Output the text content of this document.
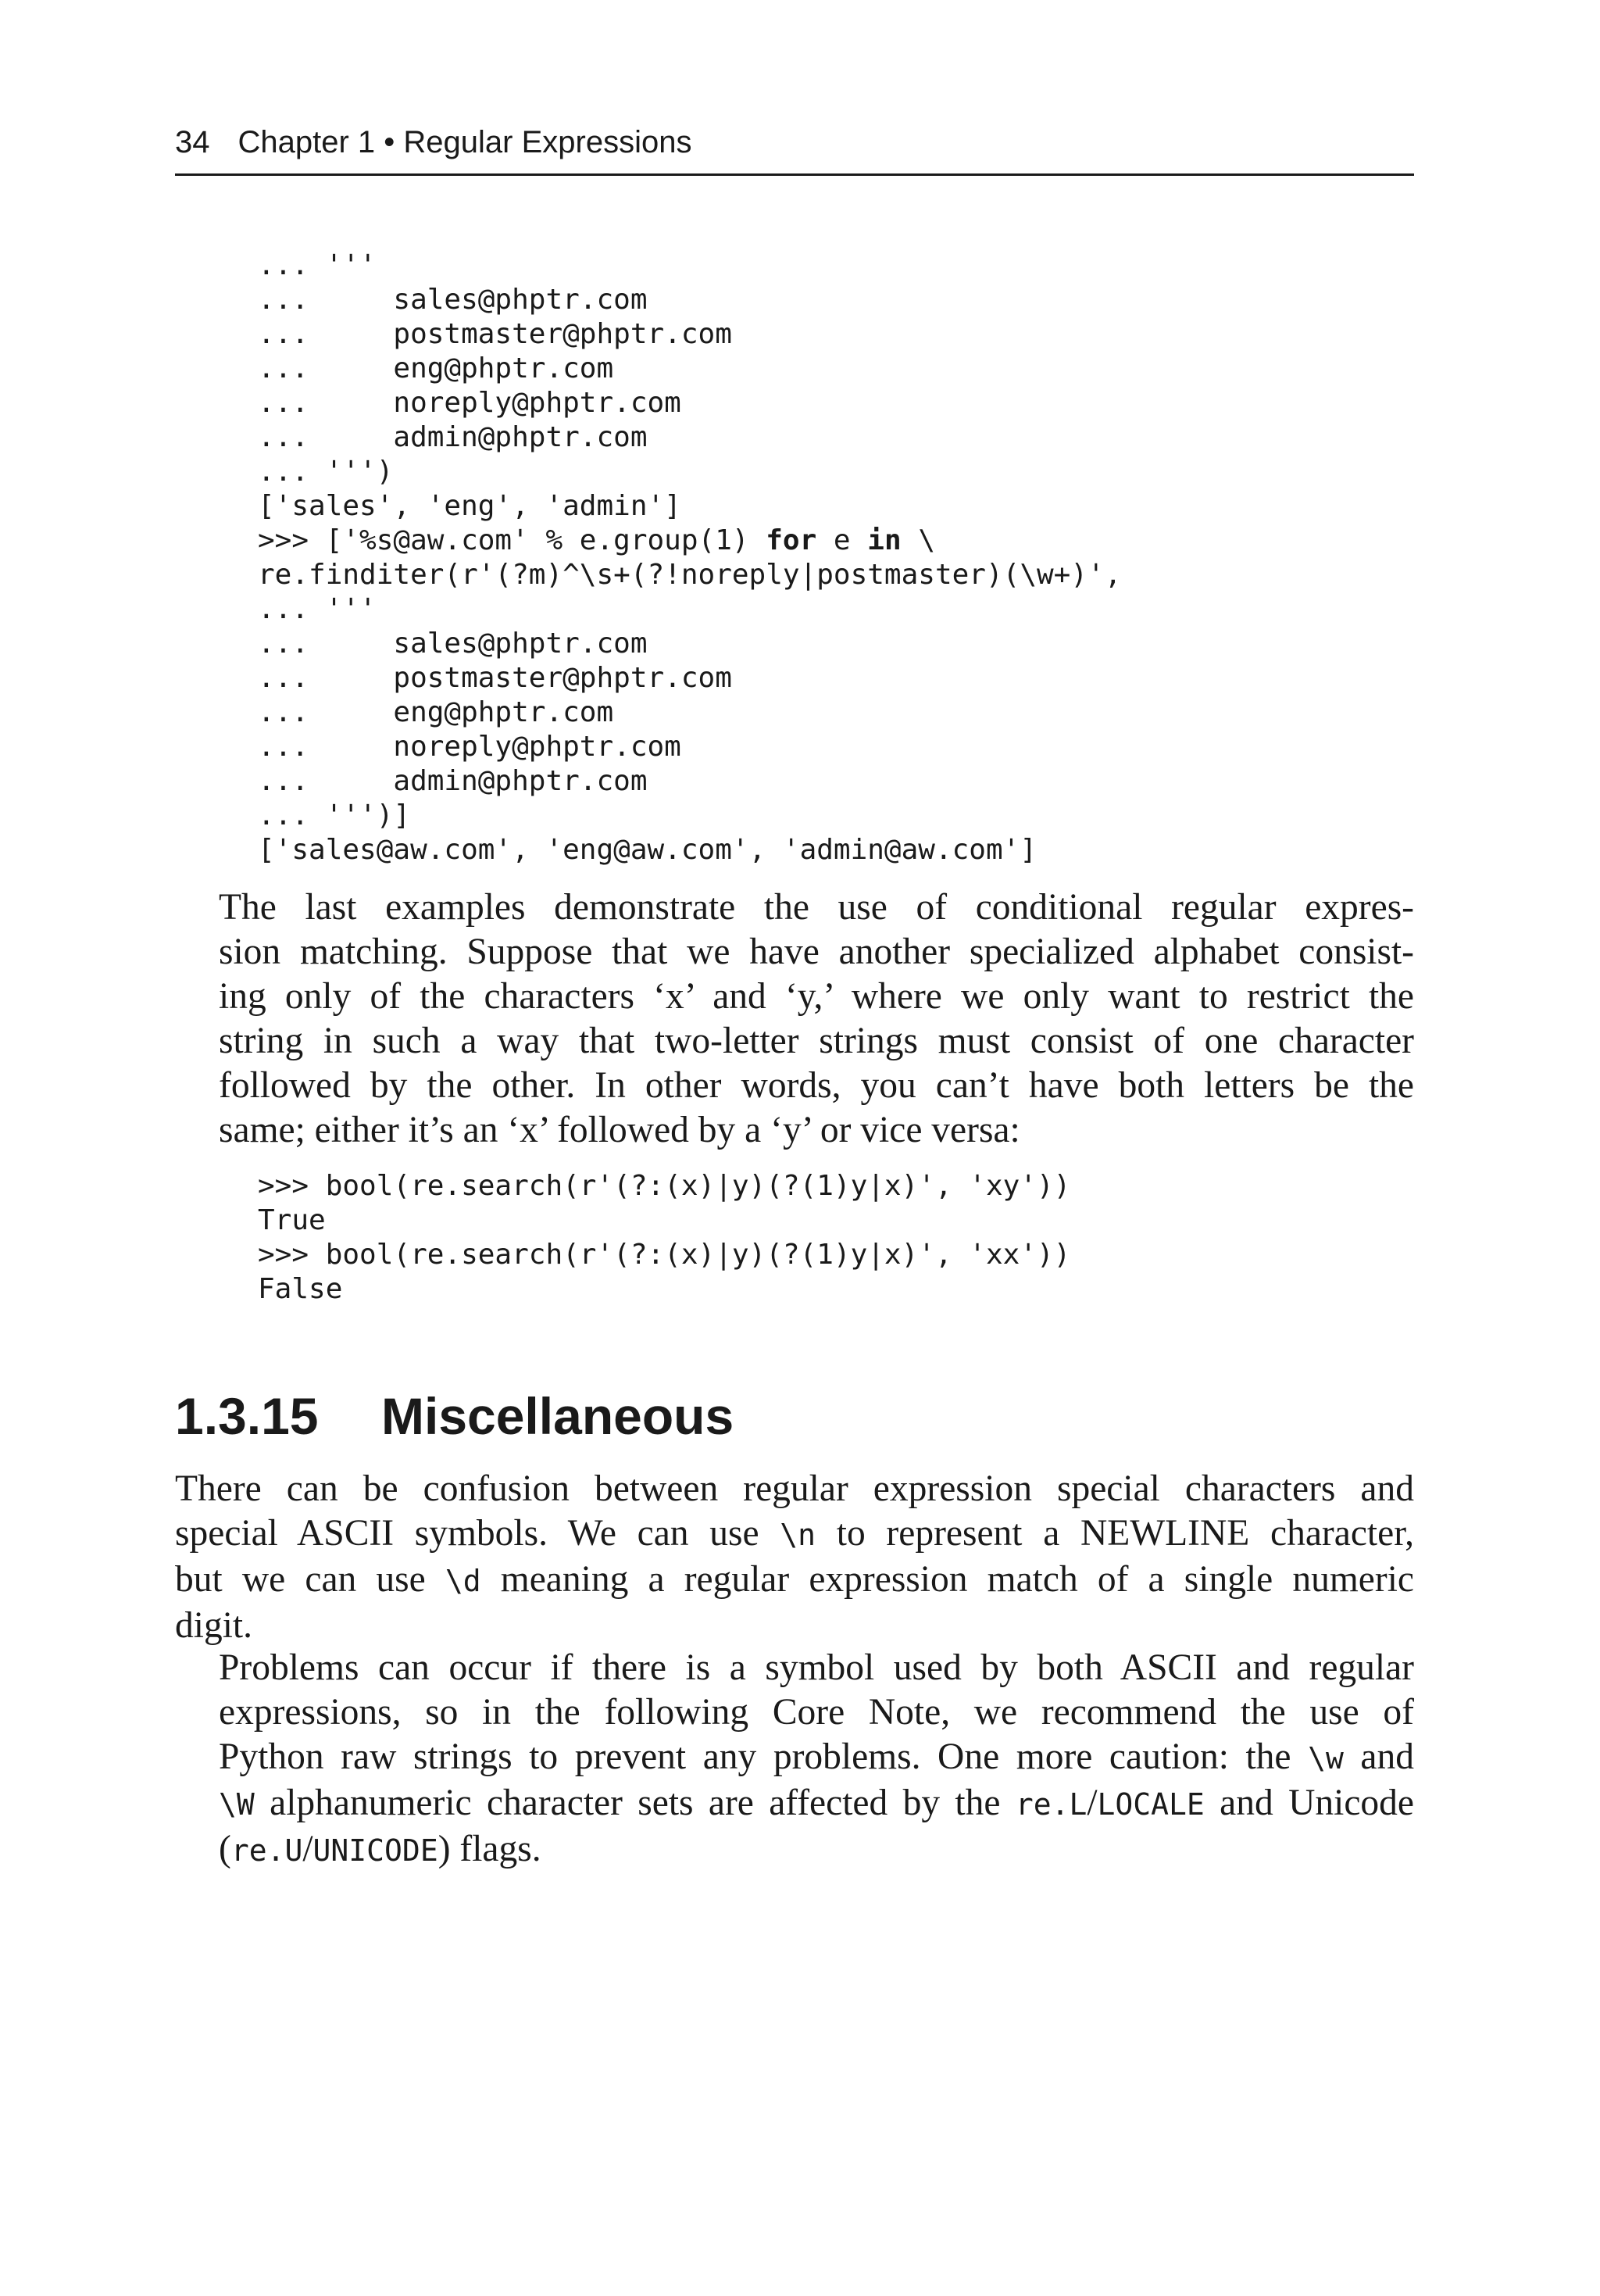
34 Chapter 1 • Regular Expressions
... '''
...     sales@phptr.com
...     postmaster@phptr.com
...     eng@phptr.com
...     noreply@phptr.com
...     admin@phptr.com
... ''')
['sales', 'eng', 'admin']
>>> ['%s@aw.com' % e.group(1) for e in \
re.finditer(r'(?m)^\s+(?!noreply|postmaster)(\w+)',
... '''
...     sales@phptr.com
...     postmaster@phptr.com
...     eng@phptr.com
...     noreply@phptr.com
...     admin@phptr.com
... ''')]
['sales@aw.com', 'eng@aw.com', 'admin@aw.com']
The last examples demonstrate the use of conditional regular expres-
sion matching. Suppose that we have another specialized alphabet consist-
ing only of the characters ‘x’ and ‘y,’ where we only want to restrict the
string in such a way that two-letter strings must consist of one character
followed by the other. In other words, you can’t have both letters be the
same; either it’s an ‘x’ followed by a ‘y’ or vice versa:
>>> bool(re.search(r'(?:(x)|y)(?(1)y|x)', 'xy'))
True
>>> bool(re.search(r'(?:(x)|y)(?(1)y|x)', 'xx'))
False
1.3.15 Miscellaneous
There can be confusion between regular expression special characters and
special ASCII symbols. We can use \n to represent a NEWLINE character,
but we can use \d meaning a regular expression match of a single numeric
digit.
Problems can occur if there is a symbol used by both ASCII and regular
expressions, so in the following Core Note, we recommend the use of
Python raw strings to prevent any problems. One more caution: the \w and
\W alphanumeric character sets are affected by the re.L/LOCALE and Unicode
(re.U/UNICODE) flags.
